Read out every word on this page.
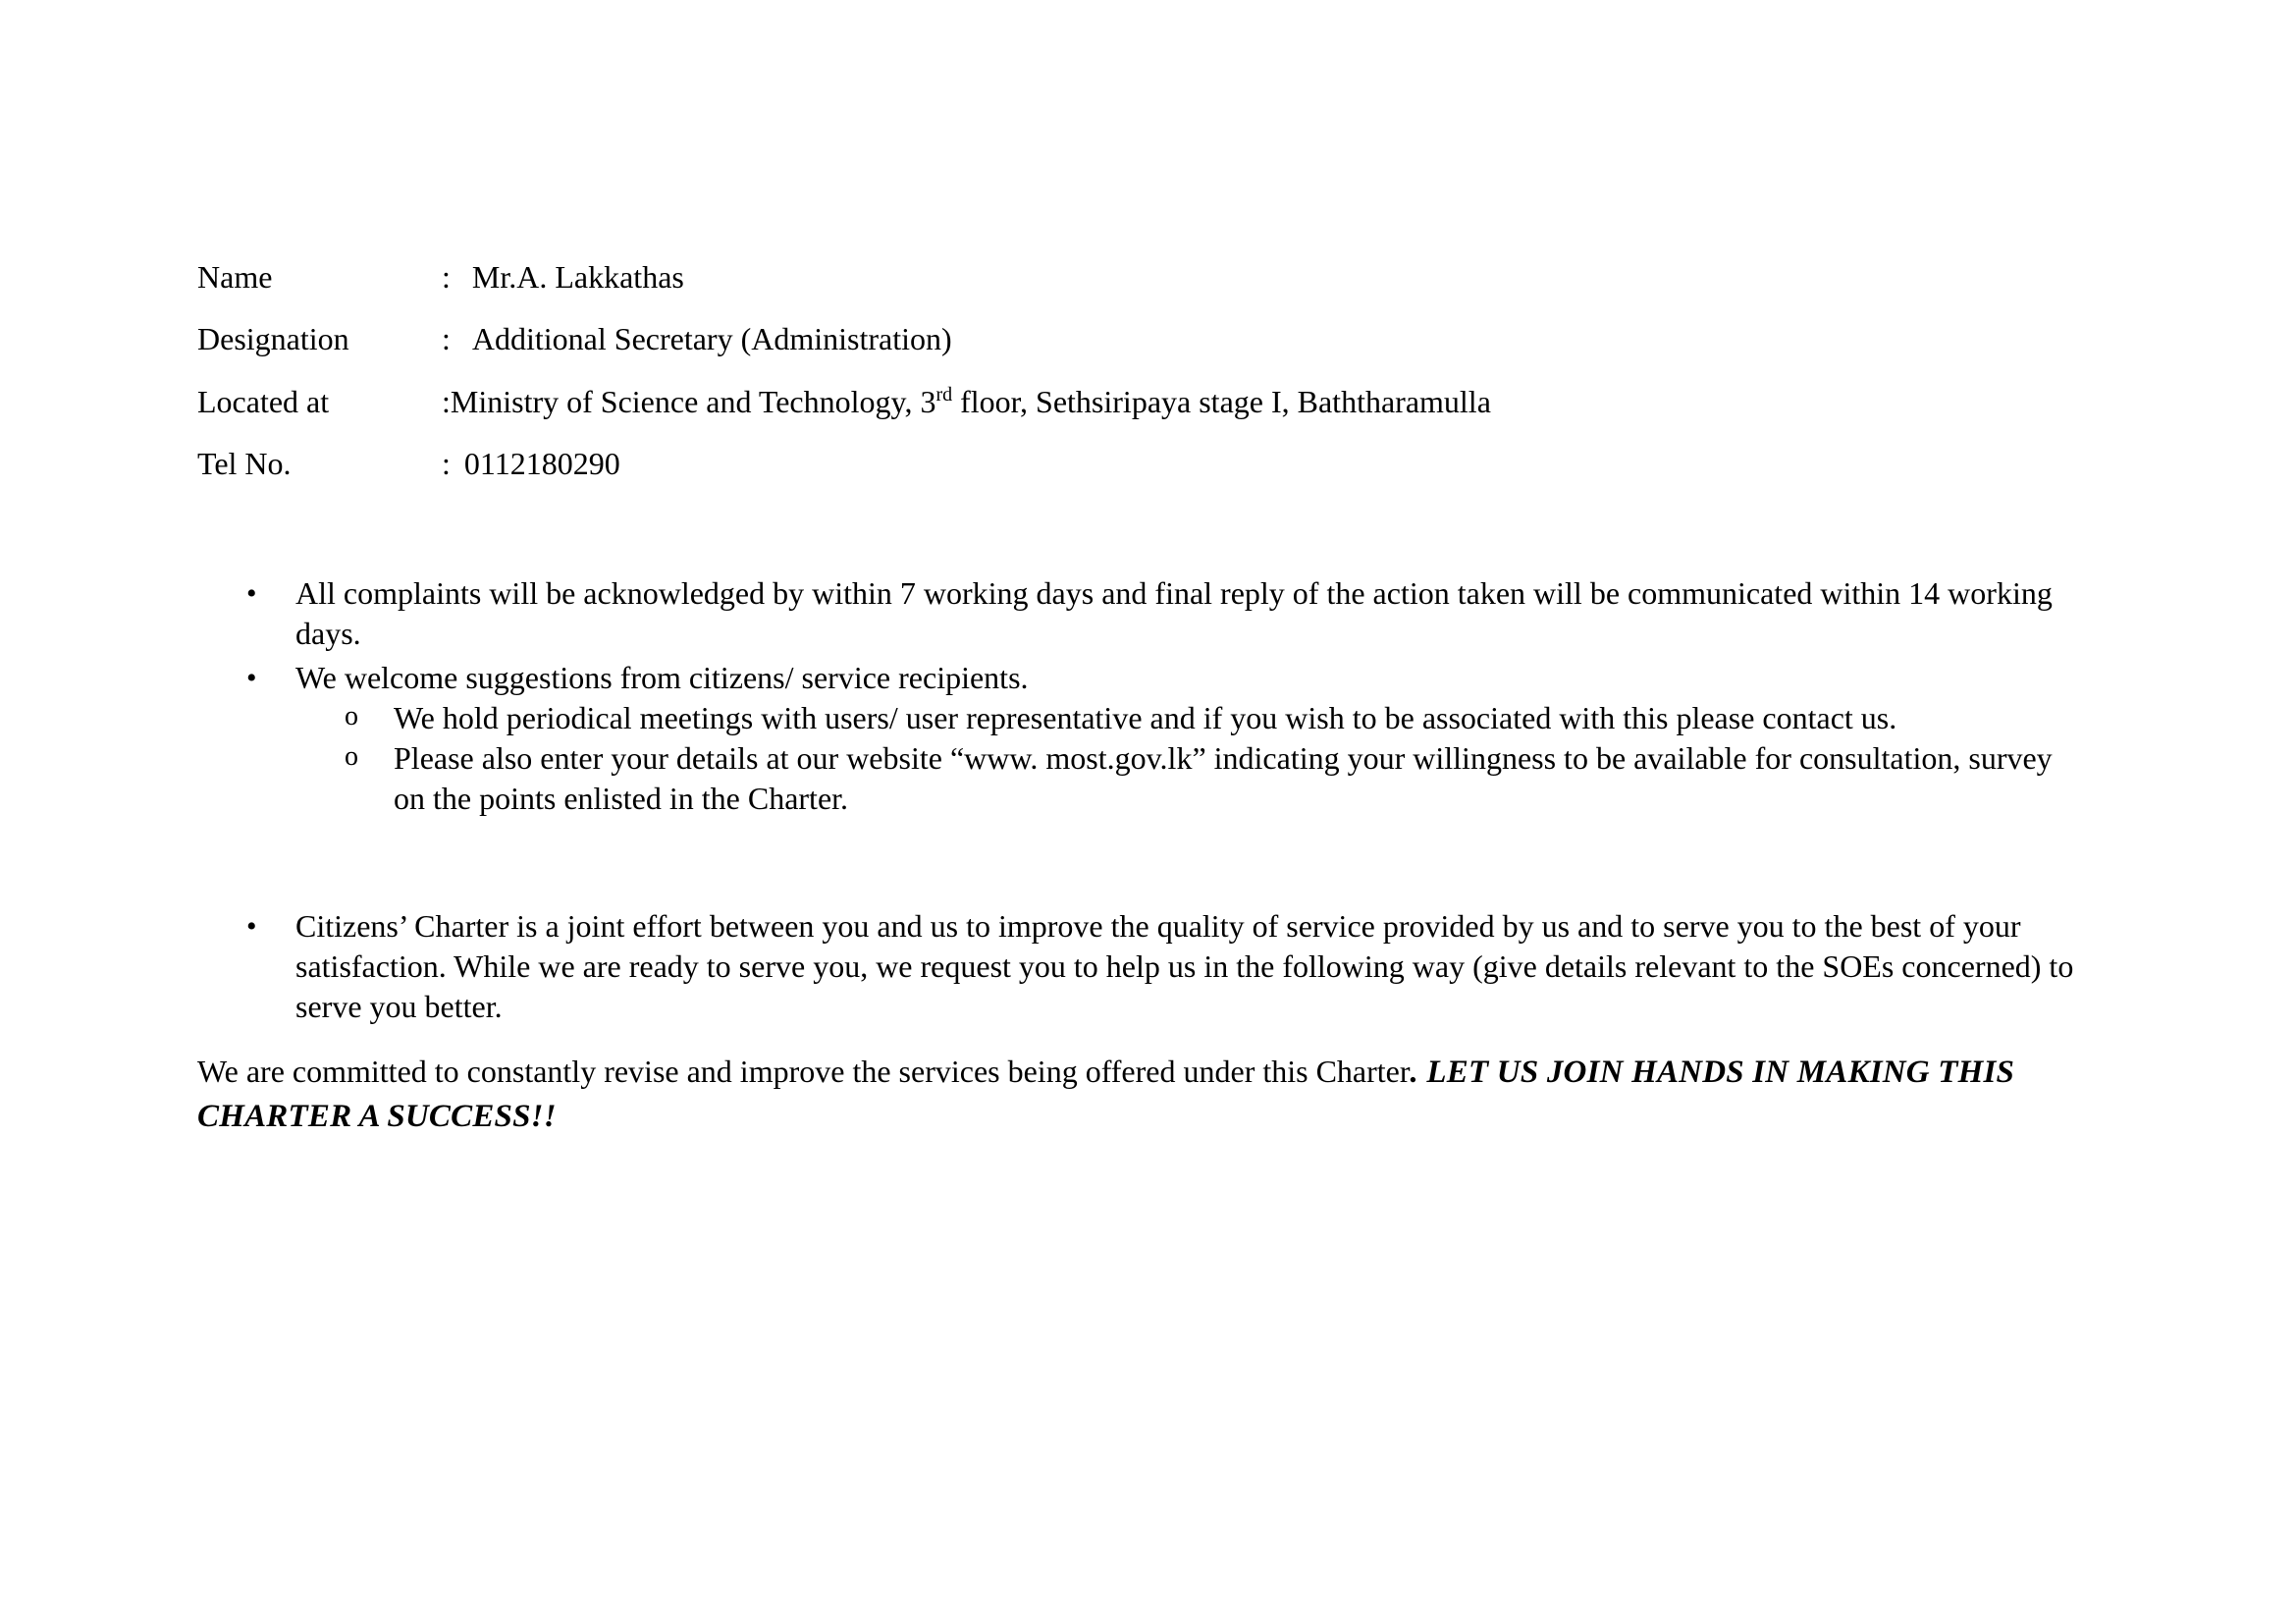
Name	: Mr.A. Lakkathas
Designation	: Additional Secretary (Administration)
Located at	:Ministry of Science and Technology, 3rd floor, Sethsiripaya stage I, Baththaramulla
Tel No.	: 0112180290
• All complaints will be acknowledged by within 7 working days and final reply of the action taken will be communicated within 14 working days.
• We welcome suggestions from citizens/ service recipients.
o We hold periodical meetings with users/ user representative and if you wish to be associated with this please contact us.
o Please also enter your details at our website “www. most.gov.lk” indicating your willingness to be available for consultation, survey on the points enlisted in the Charter.
• Citizens’ Charter is a joint effort between you and us to improve the quality of service provided by us and to serve you to the best of your satisfaction. While we are ready to serve you, we request you to help us in the following way (give details relevant to the SOEs concerned) to serve you better.
We are committed to constantly revise and improve the services being offered under this Charter. LET US JOIN HANDS IN MAKING THIS CHARTER A SUCCESS!!
